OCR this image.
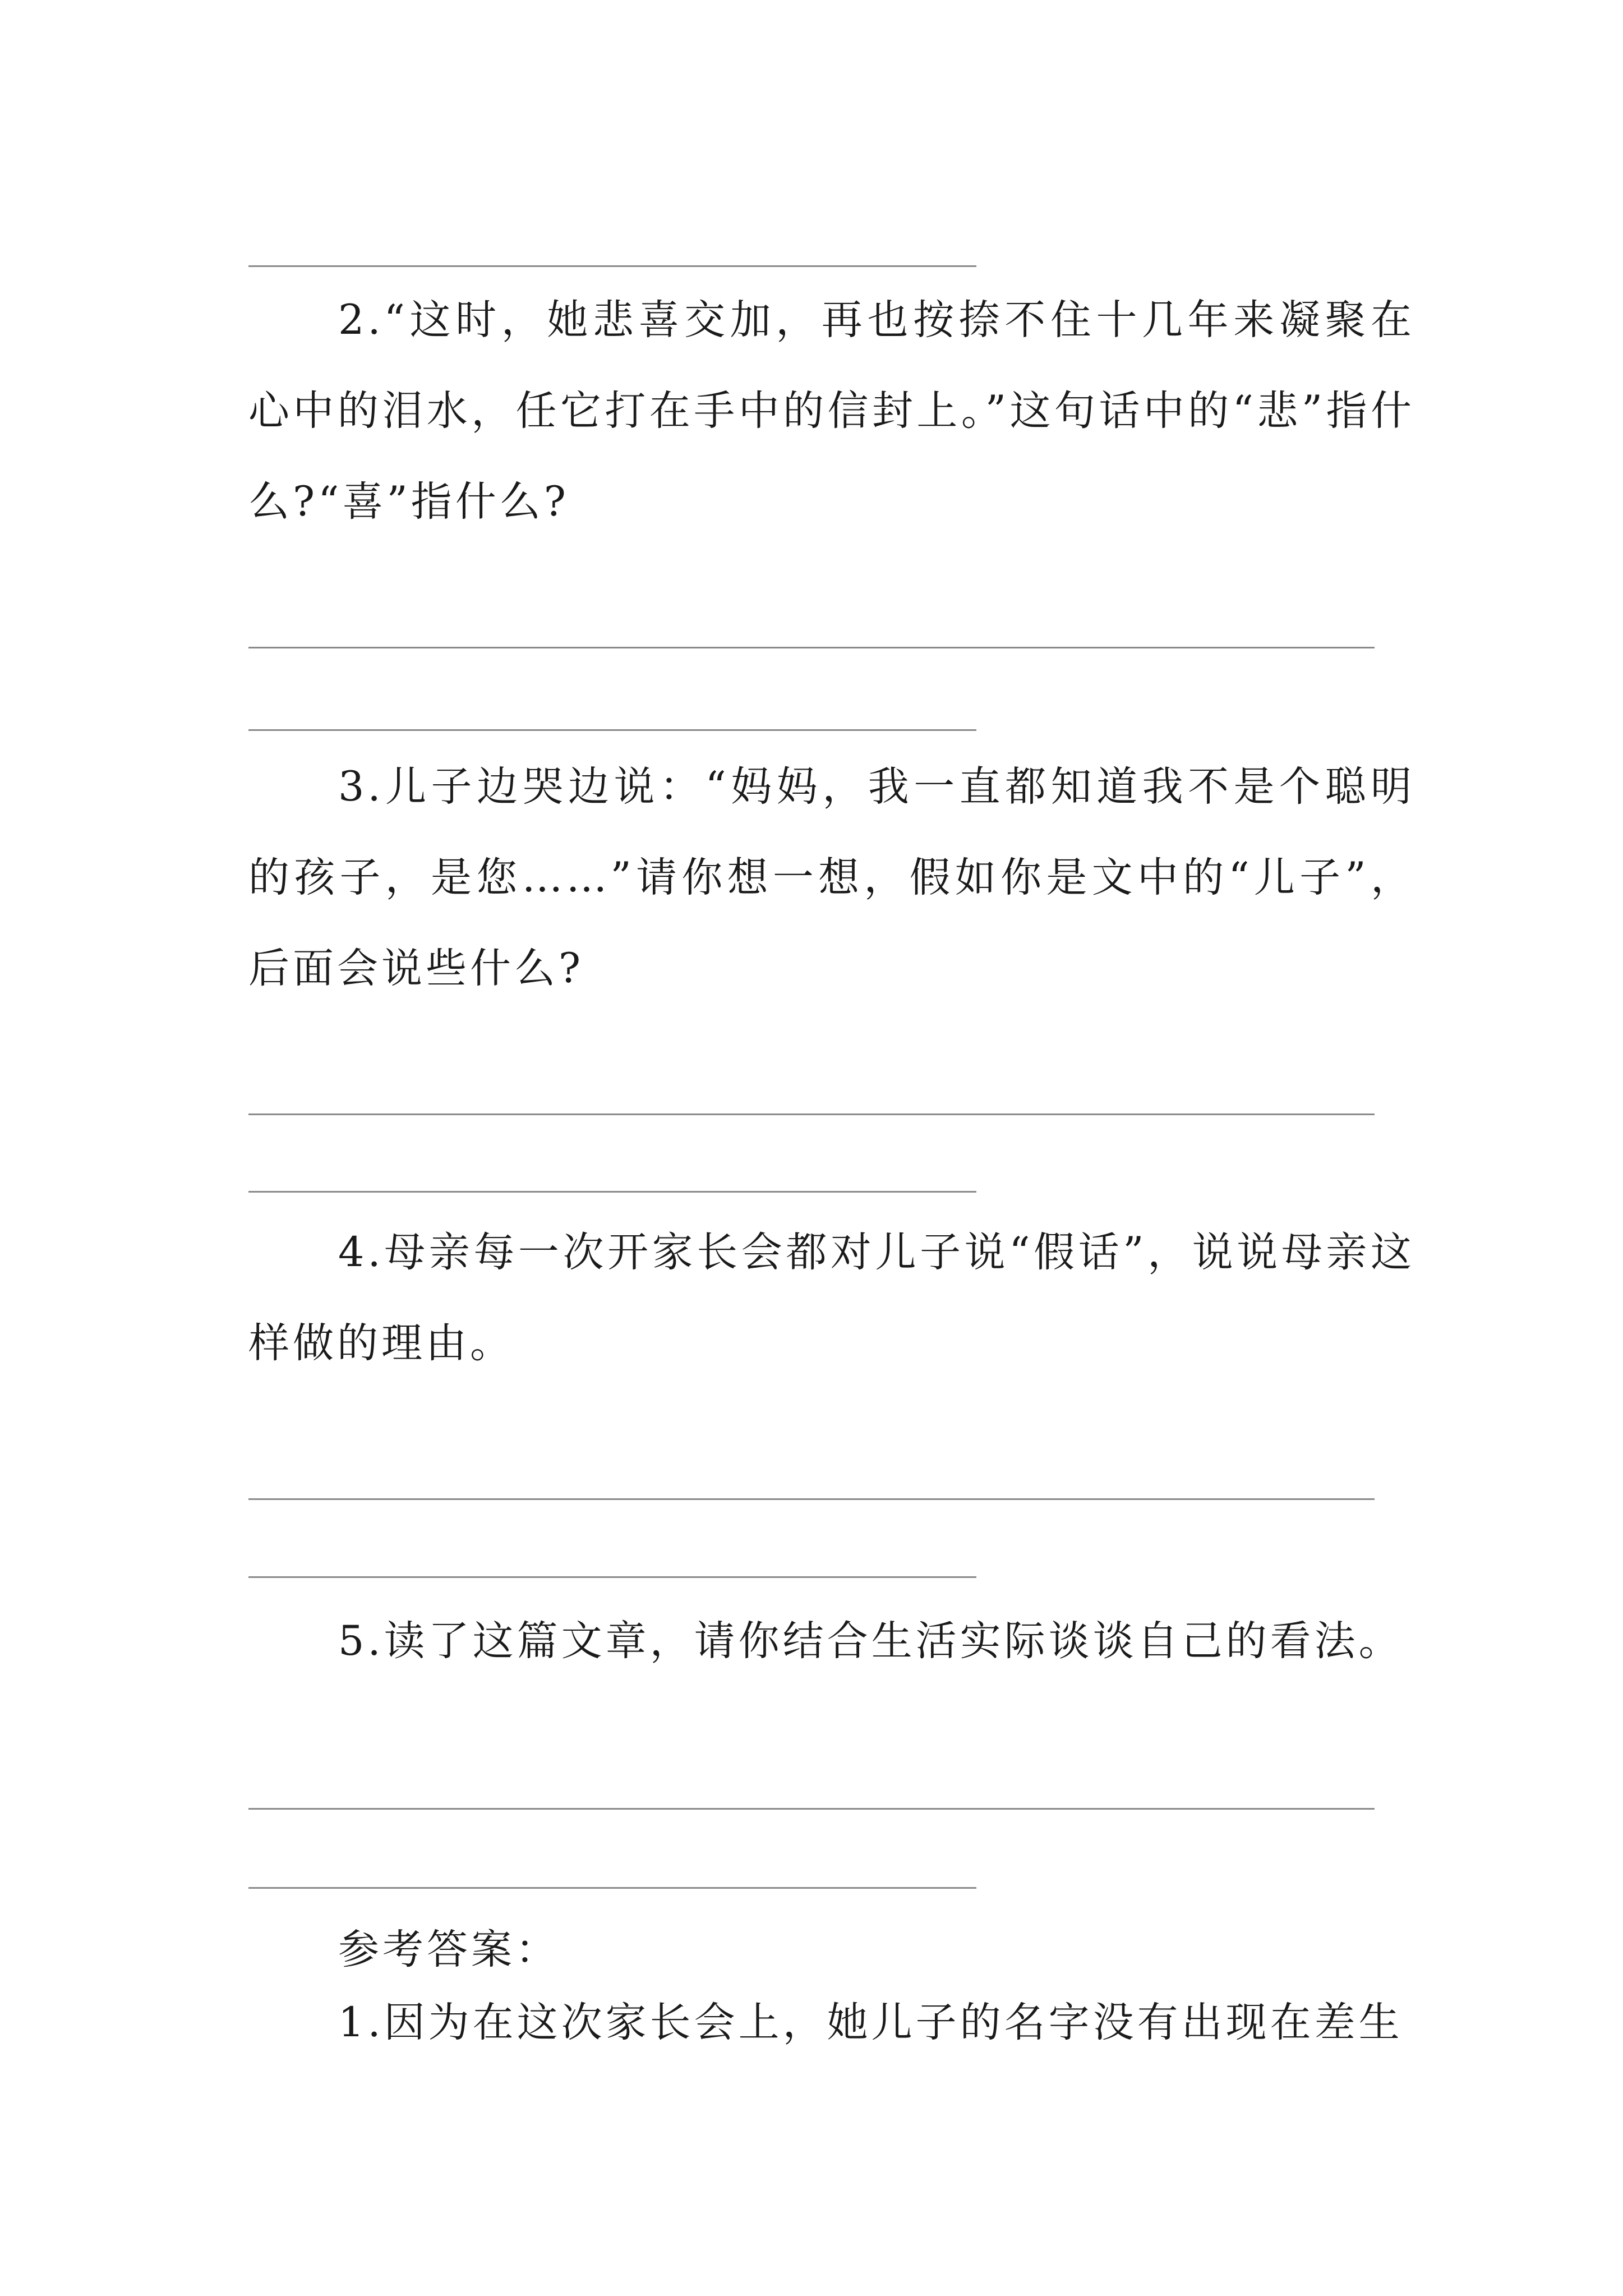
2.“这时，她悲喜交加，再也按捺不住十几年来凝聚在心中的泪水，任它打在手中的信封上。”这句话中的“悲”指什么?“喜”指什么?

3.儿子边哭边说：“妈妈，我一直都知道我不是个聪明的孩子，是您……”请你想一想，假如你是文中的“儿子”，后面会说些什么?

4.母亲每一次开家长会都对儿子说“假话”，说说母亲这样做的理由。

5.读了这篇文章，请你结合生活实际谈谈自己的看法。

参考答案：

1.因为在这次家长会上，她儿子的名字没有出现在差生
